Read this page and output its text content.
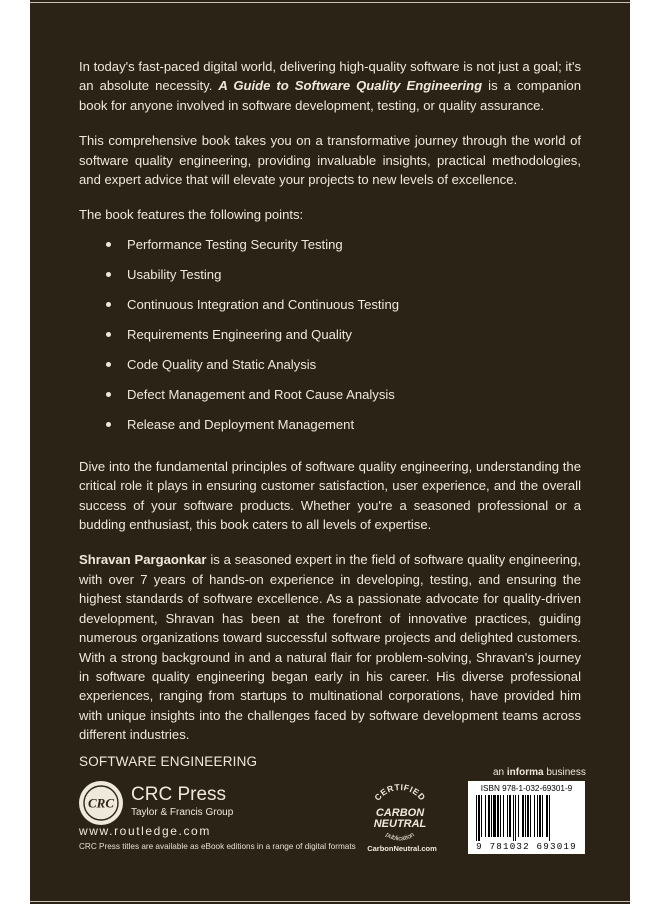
In today's fast-paced digital world, delivering high-quality software is not just a goal; it's an absolute necessity. A Guide to Software Quality Engineering is a companion book for anyone involved in software development, testing, or quality assurance.

This comprehensive book takes you on a transformative journey through the world of software quality engineering, providing invaluable insights, practical methodologies, and expert advice that will elevate your projects to new levels of excellence.

The book features the following points:

Performance Testing Security Testing
Usability Testing
Continuous Integration and Continuous Testing
Requirements Engineering and Quality
Code Quality and Static Analysis
Defect Management and Root Cause Analysis
Release and Deployment Management

Dive into the fundamental principles of software quality engineering, understanding the critical role it plays in ensuring customer satisfaction, user experience, and the overall success of your software products. Whether you're a seasoned professional or a budding enthusiast, this book caters to all levels of expertise.

Shravan Pargaonkar is a seasoned expert in the field of software quality engineering, with over 7 years of hands-on experience in developing, testing, and ensuring the highest standards of software excellence. As a passionate advocate for quality-driven development, Shravan has been at the forefront of innovative practices, guiding numerous organizations toward successful software projects and delighted customers. With a strong background in and a natural flair for problem-solving, Shravan's journey in software quality engineering began early in his career. His diverse professional experiences, ranging from startups to multinational corporations, have provided him with unique insights into the challenges faced by software development teams across different industries.

SOFTWARE ENGINEERING
CRC CRC Press
Taylor & Francis Group
www.routledge.com
CRC Press titles are available as eBook editions in a range of digital formats
CERTIFIED
CARBON
NEUTRAL
publication
CarbonNeutral.com
an informa business
ISBN 978-1-032-69301-9
9 781032 693019
